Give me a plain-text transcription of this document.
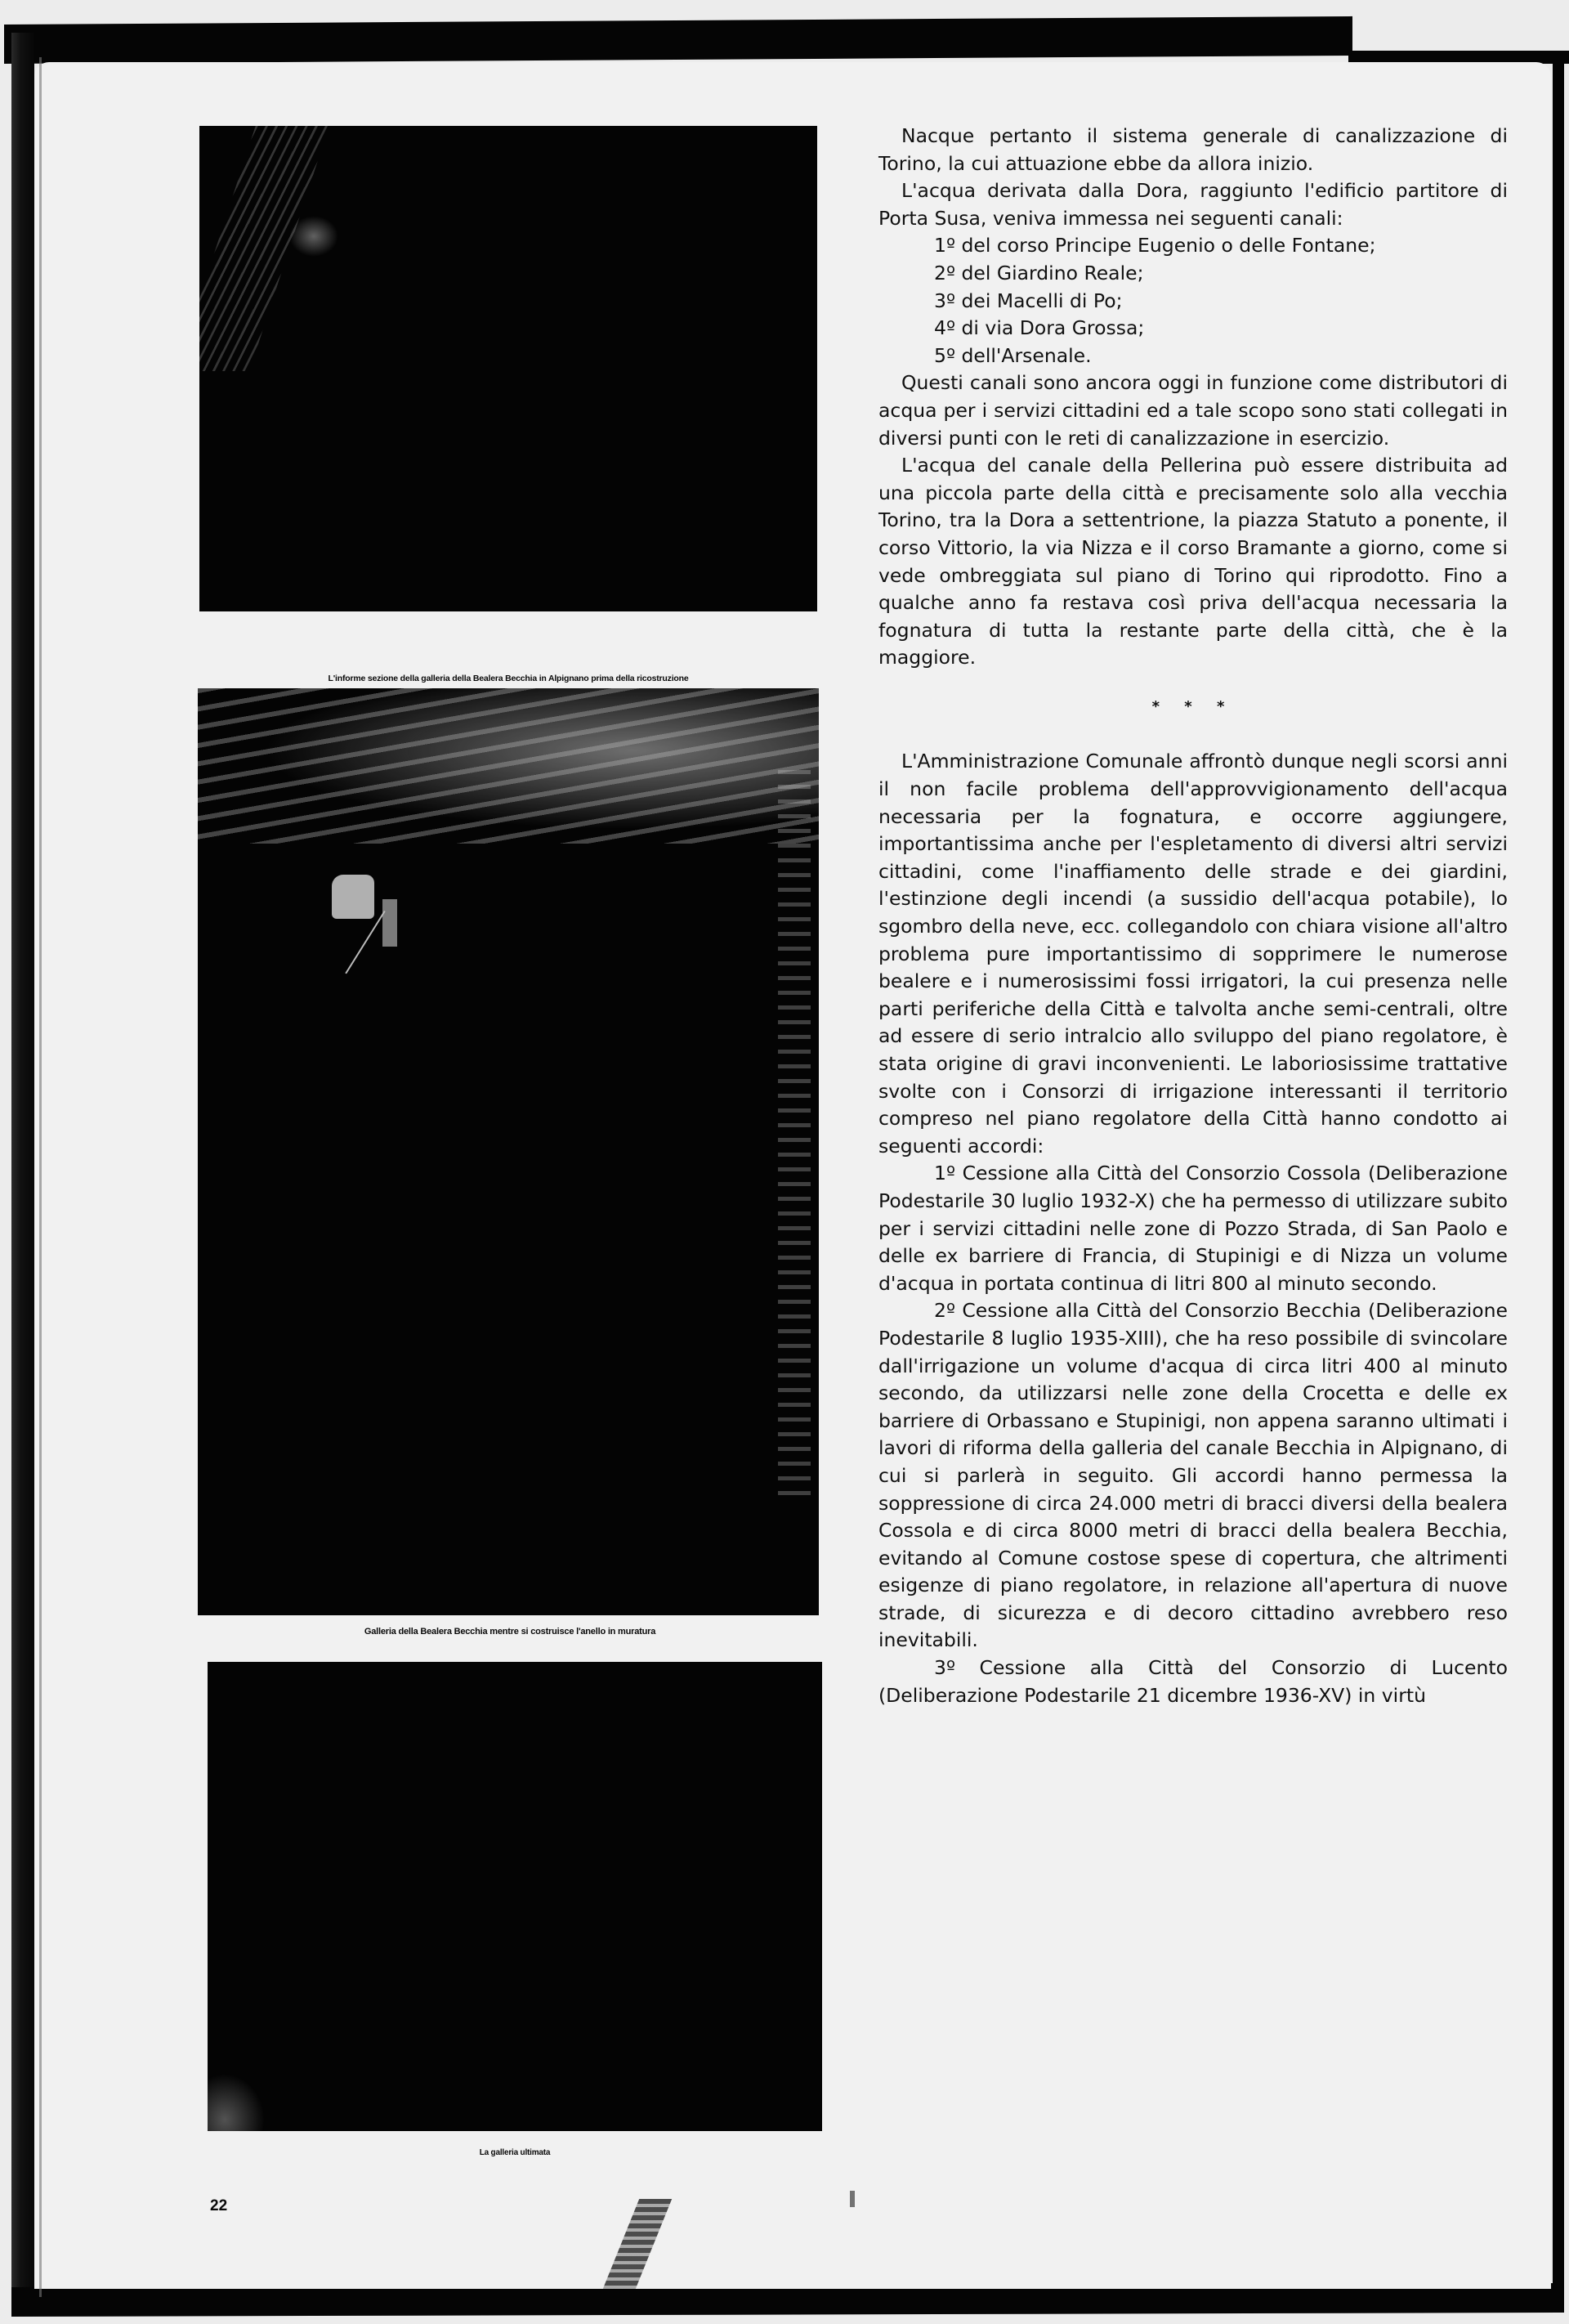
L'informe sezione della galleria della Bealera Becchia in Alpignano prima della ricostruzione
Galleria della Bealera Becchia mentre si costruisce l'anello in muratura
La galleria ultimata
22

Nacque pertanto il sistema generale di canalizzazione di Torino, la cui attuazione ebbe da allora inizio.

L'acqua derivata dalla Dora, raggiunto l'edificio partitore di Porta Susa, veniva immessa nei seguenti canali:

1º del corso Principe Eugenio o delle Fontane;

2º del Giardino Reale;

3º dei Macelli di Po;

4º di via Dora Grossa;

5º dell'Arsenale.

Questi canali sono ancora oggi in funzione come distributori di acqua per i servizi cittadini ed a tale scopo sono stati collegati in diversi punti con le reti di canalizzazione in esercizio.

L'acqua del canale della Pellerina può essere distribuita ad una piccola parte della città e precisamente solo alla vecchia Torino, tra la Dora a settentrione, la piazza Statuto a ponente, il corso Vittorio, la via Nizza e il corso Bramante a giorno, come si vede ombreggiata sul piano di Torino qui riprodotto. Fino a qualche anno fa restava così priva dell'acqua necessaria la fognatura di tutta la restante parte della città, che è la maggiore.

* * *

L'Amministrazione Comunale affrontò dunque negli scorsi anni il non facile problema dell'approvvigionamento dell'acqua necessaria per la fognatura, e occorre aggiungere, importantissima anche per l'espletamento di diversi altri servizi cittadini, come l'inaffiamento delle strade e dei giardini, l'estinzione degli incendi (a sussidio dell'acqua potabile), lo sgombro della neve, ecc. collegandolo con chiara visione all'altro problema pure importantissimo di sopprimere le numerose bealere e i numerosissimi fossi irrigatori, la cui presenza nelle parti periferiche della Città e talvolta anche semi-centrali, oltre ad essere di serio intralcio allo sviluppo del piano regolatore, è stata origine di gravi inconvenienti. Le laboriosissime trattative svolte con i Consorzi di irrigazione interessanti il territorio compreso nel piano regolatore della Città hanno condotto ai seguenti accordi:

1º Cessione alla Città del Consorzio Cossola (Deliberazione Podestarile 30 luglio 1932-X) che ha permesso di utilizzare subito per i servizi cittadini nelle zone di Pozzo Strada, di San Paolo e delle ex barriere di Francia, di Stupinigi e di Nizza un volume d'acqua in portata continua di litri 800 al minuto secondo.

2º Cessione alla Città del Consorzio Becchia (Deliberazione Podestarile 8 luglio 1935-XIII), che ha reso possibile di svincolare dall'irrigazione un volume d'acqua di circa litri 400 al minuto secondo, da utilizzarsi nelle zone della Crocetta e delle ex barriere di Orbassano e Stupinigi, non appena saranno ultimati i lavori di riforma della galleria del canale Becchia in Alpignano, di cui si parlerà in seguito. Gli accordi hanno permessa la soppressione di circa 24.000 metri di bracci diversi della bealera Cossola e di circa 8000 metri di bracci della bealera Becchia, evitando al Comune costose spese di copertura, che altrimenti esigenze di piano regolatore, in relazione all'apertura di nuove strade, di sicurezza e di decoro cittadino avrebbero reso inevitabili.

3º Cessione alla Città del Consorzio di Lucento (Deliberazione Podestarile 21 dicembre 1936-XV) in virtù
